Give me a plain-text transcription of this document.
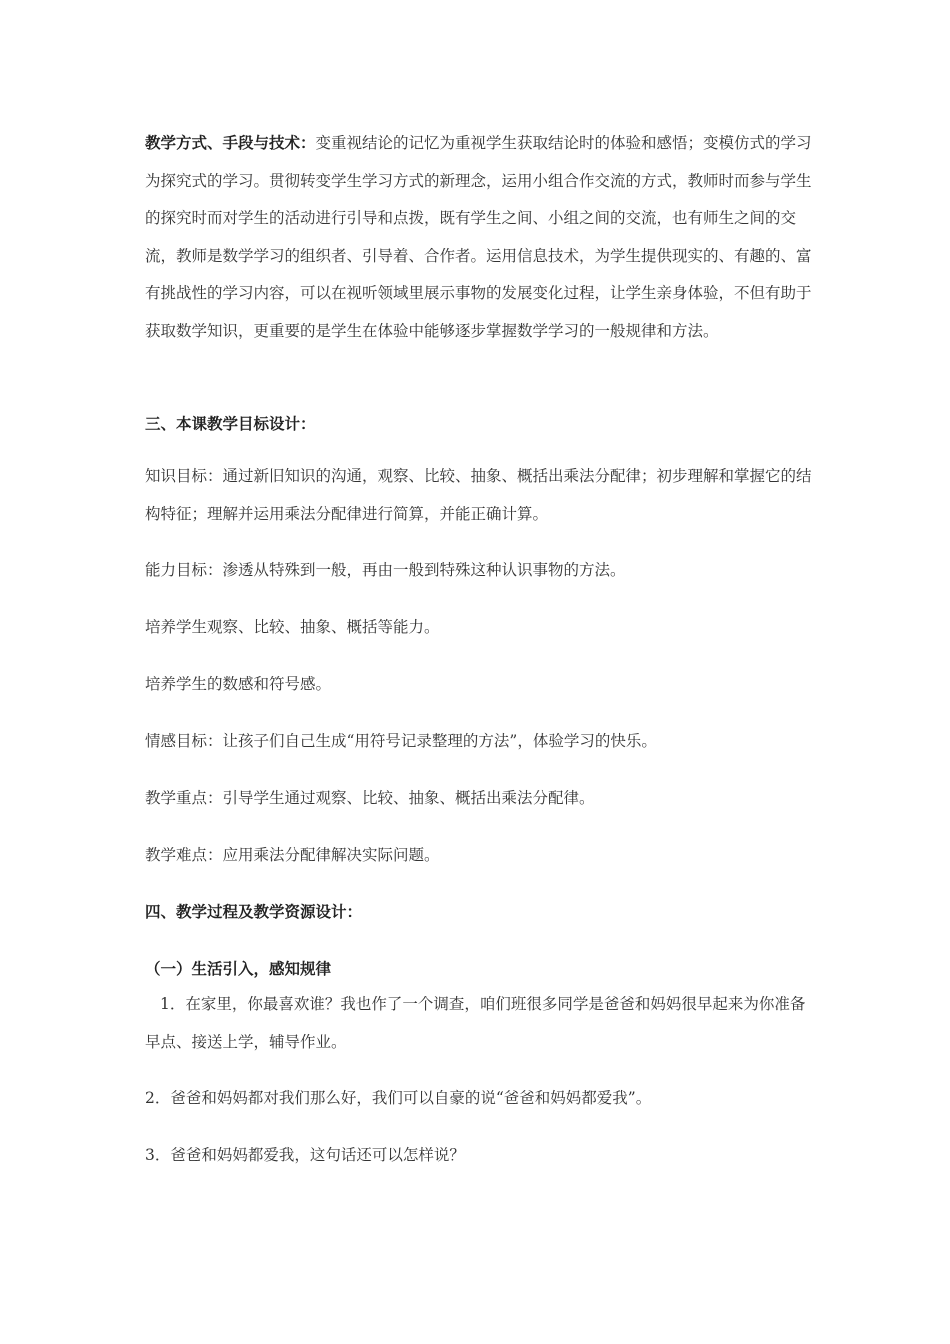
教学方式、手段与技术：变重视结论的记忆为重视学生获取结论时的体验和感悟；变模仿式的学习为探究式的学习。贯彻转变学生学习方式的新理念，运用小组合作交流的方式，教师时而参与学生的探究时而对学生的活动进行引导和点拨，既有学生之间、小组之间的交流，也有师生之间的交流，教师是数学学习的组织者、引导着、合作者。运用信息技术，为学生提供现实的、有趣的、富有挑战性的学习内容，可以在视听领域里展示事物的发展变化过程，让学生亲身体验，不但有助于获取数学知识，更重要的是学生在体验中能够逐步掌握数学学习的一般规律和方法。

三、本课教学目标设计：

知识目标：通过新旧知识的沟通，观察、比较、抽象、概括出乘法分配律；初步理解和掌握它的结构特征；理解并运用乘法分配律进行简算，并能正确计算。

能力目标：渗透从特殊到一般，再由一般到特殊这种认识事物的方法。

培养学生观察、比较、抽象、概括等能力。

培养学生的数感和符号感。

情感目标：让孩子们自己生成“用符号记录整理的方法”，体验学习的快乐。

教学重点：引导学生通过观察、比较、抽象、概括出乘法分配律。

教学难点：应用乘法分配律解决实际问题。

四、教学过程及教学资源设计：

（一）生活引入，感知规律

1．在家里，你最喜欢谁？我也作了一个调查，咱们班很多同学是爸爸和妈妈很早起来为你准备早点、接送上学，辅导作业。

2．爸爸和妈妈都对我们那么好，我们可以自豪的说“爸爸和妈妈都爱我”。

3．爸爸和妈妈都爱我，这句话还可以怎样说？
